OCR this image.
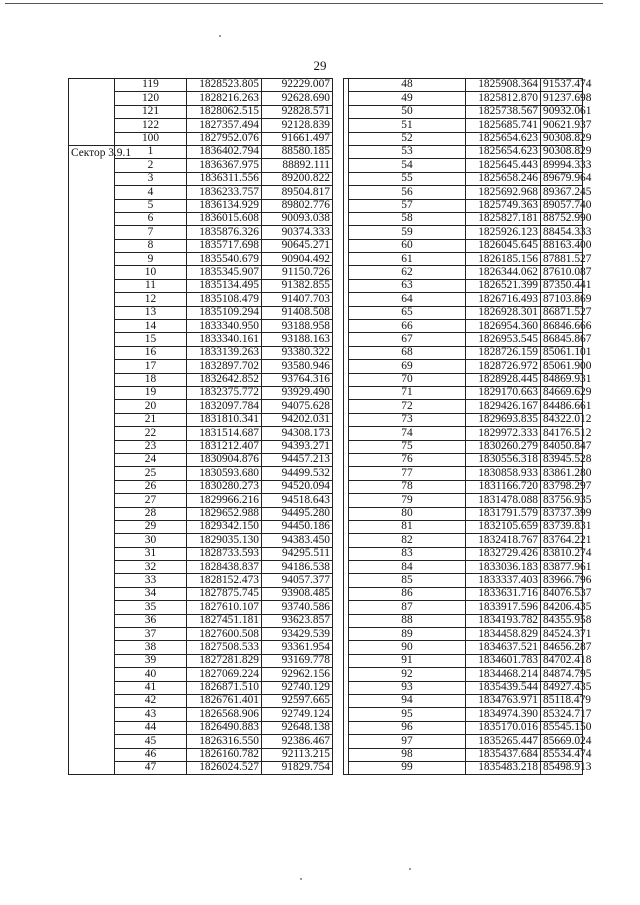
29
	119	1828523.805	92229.007
	120	1828216.263	92628.690
	121	1828062.515	92828.571
	122	1827357.494	92128.839
	100	1827952.076	91661.497
Сектор 3.9.1	1	1836402.794	88580.185
	2	1836367.975	88892.111
	3	1836311.556	89200.822
	4	1836233.757	89504.817
	5	1836134.929	89802.776
	6	1836015.608	90093.038
	7	1835876.326	90374.333
	8	1835717.698	90645.271
	9	1835540.679	90904.492
	10	1835345.907	91150.726
	11	1835134.495	91382.855
	12	1835108.479	91407.703
	13	1835109.294	91408.508
	14	1833340.950	93188.958
	15	1833340.161	93188.163
	16	1833139.263	93380.322
	17	1832897.702	93580.946
	18	1832642.852	93764.316
	19	1832375.772	93929.490
	20	1832097.784	94075.628
	21	1831810.341	94202.031
	22	1831514.687	94308.173
	23	1831212.407	94393.271
	24	1830904.876	94457.213
	25	1830593.680	94499.532
	26	1830280.273	94520.094
	27	1829966.216	94518.643
	28	1829652.988	94495.280
	29	1829342.150	94450.186
	30	1829035.130	94383.450
	31	1828733.593	94295.511
	32	1828438.837	94186.538
	33	1828152.473	94057.377
	34	1827875.745	93908.485
	35	1827610.107	93740.586
	36	1827451.181	93623.857
	37	1827600.508	93429.539
	38	1827508.533	93361.954
	39	1827281.829	93169.778
	40	1827069.224	92962.156
	41	1826871.510	92740.129
	42	1826761.401	92597.665
	43	1826568.906	92749.124
	44	1826490.883	92648.138
	45	1826316.550	92386.467
	46	1826160.782	92113.215
	47	1826024.527	91829.754
	48	1825908.364	91537.474
	49	1825812.870	91237.698
	50	1825738.567	90932.061
	51	1825685.741	90621.937
	52	1825654.623	90308.829
	53	1825654.623	90308.829
	54	1825645.443	89994.333
	55	1825658.246	89679.964
	56	1825692.968	89367.245
	57	1825749.363	89057.740
	58	1825827.181	88752.990
	59	1825926.123	88454.333
	60	1826045.645	88163.400
	61	1826185.156	87881.527
	62	1826344.062	87610.087
	63	1826521.399	87350.441
	64	1826716.493	87103.869
	65	1826928.301	86871.527
	66	1826954.360	86846.666
	67	1826953.545	86845.867
	68	1828726.159	85061.101
	69	1828726.972	85061.900
	70	1828928.445	84869.931
	71	1829170.663	84669.629
	72	1829426.167	84486.661
	73	1829693.835	84322.012
	74	1829972.333	84176.512
	75	1830260.279	84050.847
	76	1830556.318	83945.528
	77	1830858.933	83861.280
	78	1831166.720	83798.297
	79	1831478.088	83756.935
	80	1831791.579	83737.399
	81	1832105.659	83739.831
	82	1832418.767	83764.221
	83	1832729.426	83810.274
	84	1833036.183	83877.961
	85	1833337.403	83966.796
	86	1833631.716	84076.537
	87	1833917.596	84206.435
	88	1834193.782	84355.958
	89	1834458.829	84524.371
	90	1834637.521	84656.287
	91	1834601.783	84702.418
	92	1834468.214	84874.795
	93	1835439.544	84927.435
	94	1834763.971	85118.479
	95	1834974.390	85324.717
	96	1835170.016	85545.150
	97	1835265.447	85669.024
	98	1835437.684	85534.474
	99	1835483.218	85498.913
